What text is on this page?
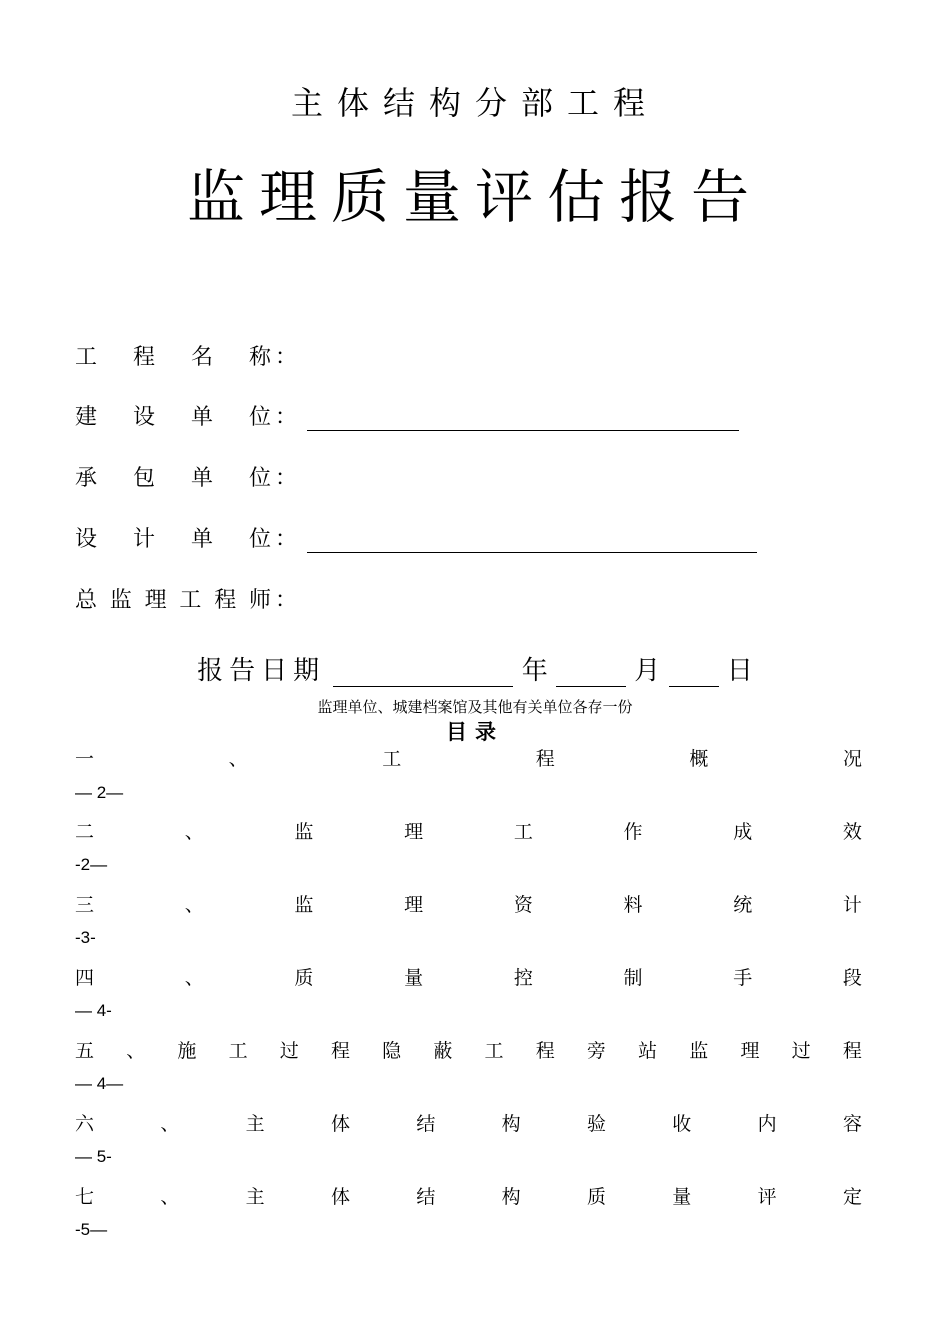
主体结构分部工程
监理质量评估报告
工 程 名 称 ：
建 设 单 位 ：
承 包 单 位 ：
设 计 单 位 ：
总 监 理 工 程 师 ：
报告日期	年	月	日
监理单位、城建档案馆及其他有关单位各存一份
目录
一	、	工	程	概	况
— 2—
二	、	监	理	工	作	成	效
-2—
三	、	监	理	资	料	统	计
-3-
四	、	质	量	控	制	手	段
— 4-
五 、 施 工 过 程 隐 蔽 工 程 旁 站 监 理 过 程
— 4—
六	、	主	体	结	构	验	收	内	容
— 5-
七	、	主	体	结	构	质	量	评	定
-5—
